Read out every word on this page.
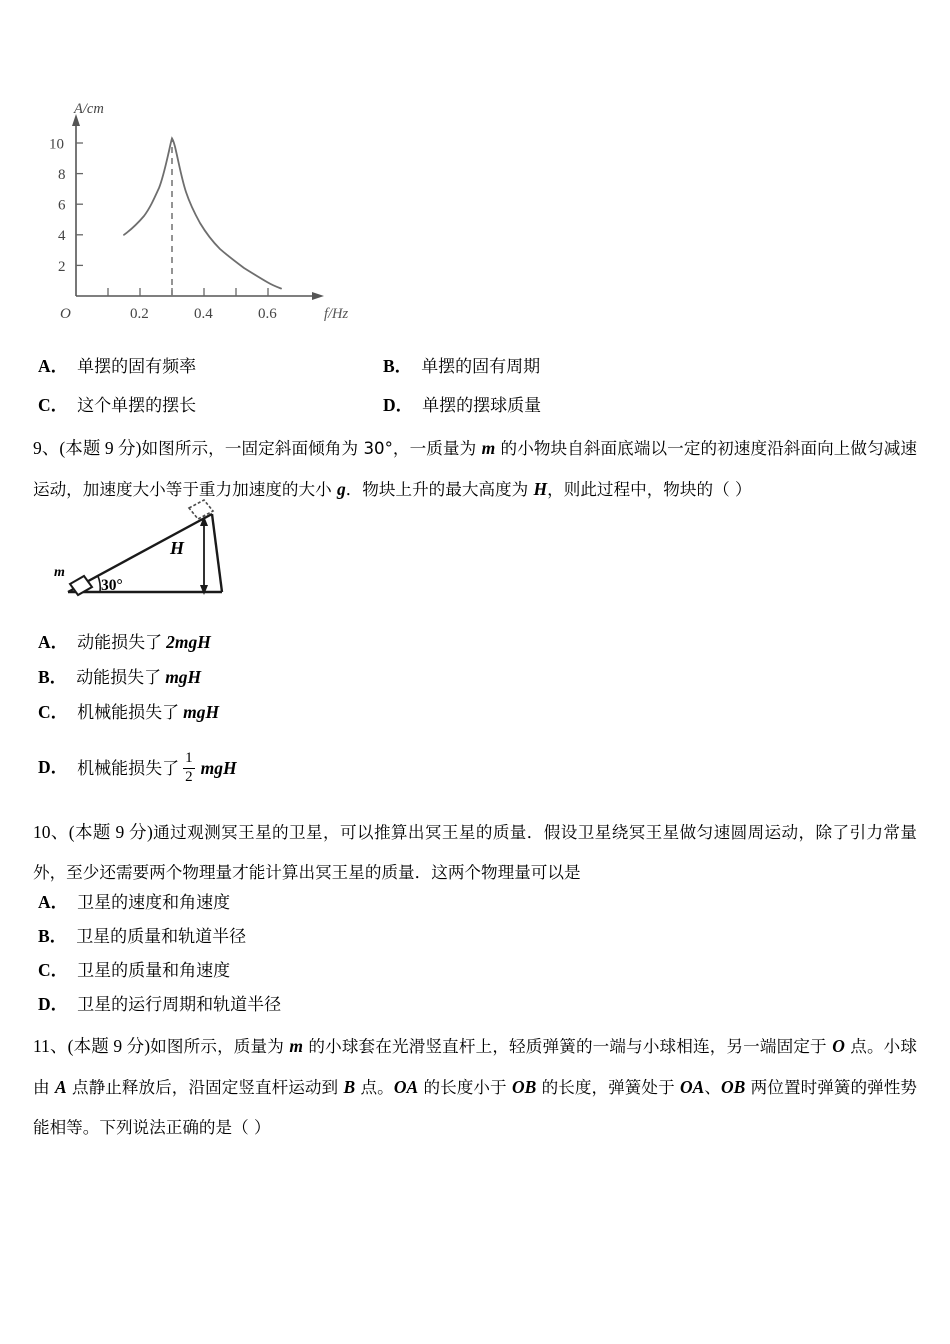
A/cm
f/Hz
O
10
8
6
4
2
0.2	0.4	0.6
A． 单摆的固有频率	B． 单摆的固有周期
C． 这个单摆的摆长	D． 单摆的摆球质量
9、(本题 9 分)如图所示，一固定斜面倾角为 30°，一质量为 m 的小物块自斜面底端以一定的初速度沿斜面向上做匀减速运动，加速度大小等于重力加速度的大小 g．物块上升的最大高度为 H，则此过程中，物块的（ ）
30°
m
H
A． 动能损失了 2mgH
B． 动能损失了 mgH
C． 机械能损失了 mgH
D． 机械能损失了 $\frac{1}{2}$ mgH
10、(本题 9 分)通过观测冥王星的卫星，可以推算出冥王星的质量．假设卫星绕冥王星做匀速圆周运动，除了引力常量外，至少还需要两个物理量才能计算出冥王星的质量．这两个物理量可以是
A． 卫星的速度和角速度
B． 卫星的质量和轨道半径
C． 卫星的质量和角速度
D． 卫星的运行周期和轨道半径
11、(本题 9 分)如图所示，质量为 m 的小球套在光滑竖直杆上，轻质弹簧的一端与小球相连，另一端固定于 O 点。小球由 A 点静止释放后，沿固定竖直杆运动到 B 点。OA 的长度小于 OB 的长度，弹簧处于 OA、OB 两位置时弹簧的弹性势能相等。下列说法正确的是（ ）
